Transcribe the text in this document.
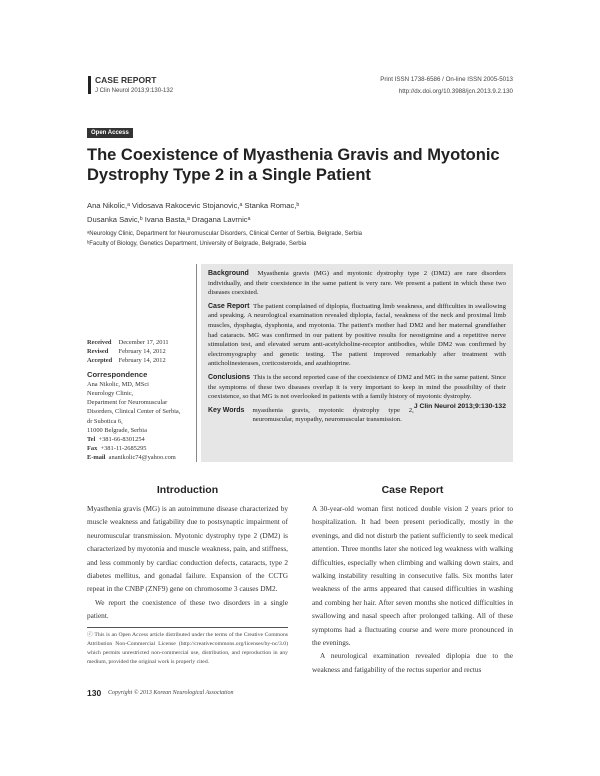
CASE REPORT
J Clin Neurol 2013;9:130-132
Print ISSN 1738-6586 / On-line ISSN 2005-5013
http://dx.doi.org/10.3988/jcn.2013.9.2.130
Open Access
The Coexistence of Myasthenia Gravis and Myotonic Dystrophy Type 2 in a Single Patient
Ana Nikolic,ᵃ Vidosava Rakocevic Stojanovic,ᵃ Stanka Romac,ᵇ
Dusanka Savic,ᵇ Ivana Basta,ᵃ Dragana Lavrnicᵃ
ᵃNeurology Clinic, Department for Neuromuscular Disorders, Clinical Center of Serbia, Belgrade, Serbia
ᵇFaculty of Biology, Genetics Department, University of Belgrade, Belgrade, Serbia

Background Myasthenia gravis (MG) and myotonic dystrophy type 2 (DM2) are rare disorders individually, and their coexistence in the same patient is very rare. We present a patient in which these two diseases coexisted.

Case Report The patient complained of diplopia, fluctuating limb weakness, and difficulties in swallowing and speaking. A neurological examination revealed diplopia, facial, weakness of the neck and proximal limb muscles, dysphagia, dysphonia, and myotonia. The patient's mother had DM2 and her maternal grandfather had cataracts. MG was confirmed in our patient by positive results for neostigmine and a repetitive nerve stimulation test, and elevated serum anti-acetylcholine-receptor antibodies, while DM2 was confirmed by electromyography and genetic testing. The patient improved remarkably after treatment with anticholinesterases, corticosteroids, and azathioprine.

Conclusions This is the second reported case of the coexistence of DM2 and MG in the same patient. Since the symptoms of these two diseases overlap it is very important to keep in mind the possibility of their coexistence, so that MG is not overlooked in patients with a family history of myotonic dystrophy.
J Clin Neurol 2013;9:130-132

Key Words myasthenia gravis, myotonic dystrophy type 2, neuromuscular, myopathy, neuromuscular transmission.
Received December 17, 2011
Revised February 14, 2012
Accepted February 14, 2012
Correspondence
Ana Nikolic, MD, MSci
Neurology Clinic,
Department for Neuromuscular
Disorders, Clinical Center of Serbia,
dr Subotica 6,
11000 Belgrade, Serbia
Tel +381-66-8301254
Fax +381-11-2685295
E-mail ananikolic74@yahoo.com
Introduction	Case Report

Myasthenia gravis (MG) is an autoimmune disease characterized by muscle weakness and fatigability due to postsynaptic impairment of neuromuscular transmission. Myotonic dystrophy type 2 (DM2) is characterized by myotonia and muscle weakness, pain, and stiffness, and less commonly by cardiac conduction defects, cataracts, type 2 diabetes mellitus, and gonadal failure. Expansion of the CCTG repeat in the CNBP (ZNF9) gene on chromosome 3 causes DM2.

We report the coexistence of these two disorders in a single patient.

A 30-year-old woman first noticed double vision 2 years prior to hospitalization. It had been present periodically, mostly in the evenings, and did not disturb the patient sufficiently to seek medical attention. Three months later she noticed leg weakness with walking difficulties, especially when climbing and walking down stairs, and walking instability resulting in consecutive falls. Six months later weakness of the arms appeared that caused difficulties in washing and combing her hair. After seven months she noticed difficulties in swallowing and nasal speech after prolonged talking. All of these symptoms had a fluctuating course and were more pronounced in the evenings.

A neurological examination revealed diplopia due to the weakness and fatigability of the rectus superior and rectus

ⓒ This is an Open Access article distributed under the terms of the Creative Commons Attribution Non-Commercial License (http://creativecommons.org/licenses/by-nc/3.0) which permits unrestricted non-commercial use, distribution, and reproduction in any medium, provided the original work is properly cited.
130 Copyright © 2013 Korean Neurological Association
